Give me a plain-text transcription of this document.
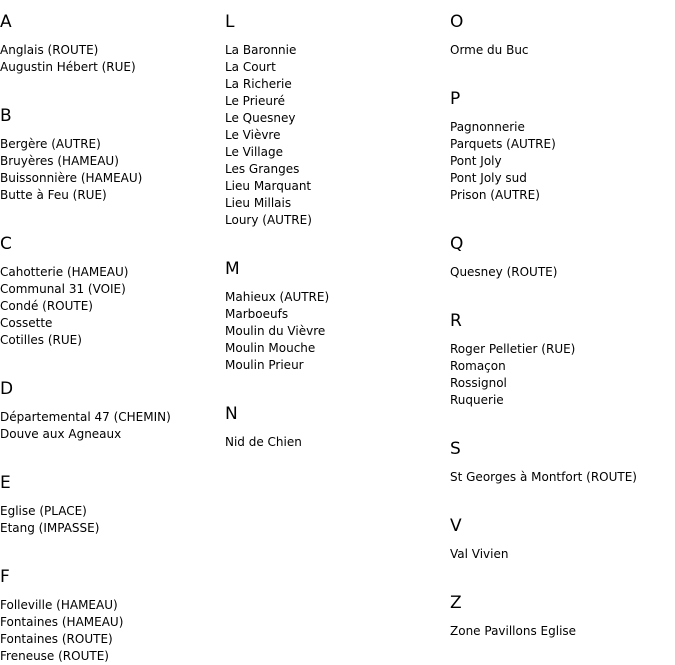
A
Anglais (ROUTE)
Augustin Hébert (RUE)
B
Bergère (AUTRE)
Bruyères (HAMEAU)
Buissonnière (HAMEAU)
Butte à Feu (RUE)
C
Cahotterie (HAMEAU)
Communal 31 (VOIE)
Condé (ROUTE)
Cossette
Cotilles (RUE)
D
Départemental 47 (CHEMIN)
Douve aux Agneaux
E
Eglise (PLACE)
Etang (IMPASSE)
F
Folleville (HAMEAU)
Fontaines (HAMEAU)
Fontaines (ROUTE)
Freneuse (ROUTE)
L
La Baronnie
La Court
La Richerie
Le Prieuré
Le Quesney
Le Vièvre
Le Village
Les Granges
Lieu Marquant
Lieu Millais
Loury (AUTRE)
M
Mahieux (AUTRE)
Marboeufs
Moulin du Vièvre
Moulin Mouche
Moulin Prieur
N
Nid de Chien
O
Orme du Buc
P
Pagnonnerie
Parquets (AUTRE)
Pont Joly
Pont Joly sud
Prison (AUTRE)
Q
Quesney (ROUTE)
R
Roger Pelletier (RUE)
Romaçon
Rossignol
Ruquerie
S
St Georges à Montfort (ROUTE)
V
Val Vivien
Z
Zone Pavillons Eglise
